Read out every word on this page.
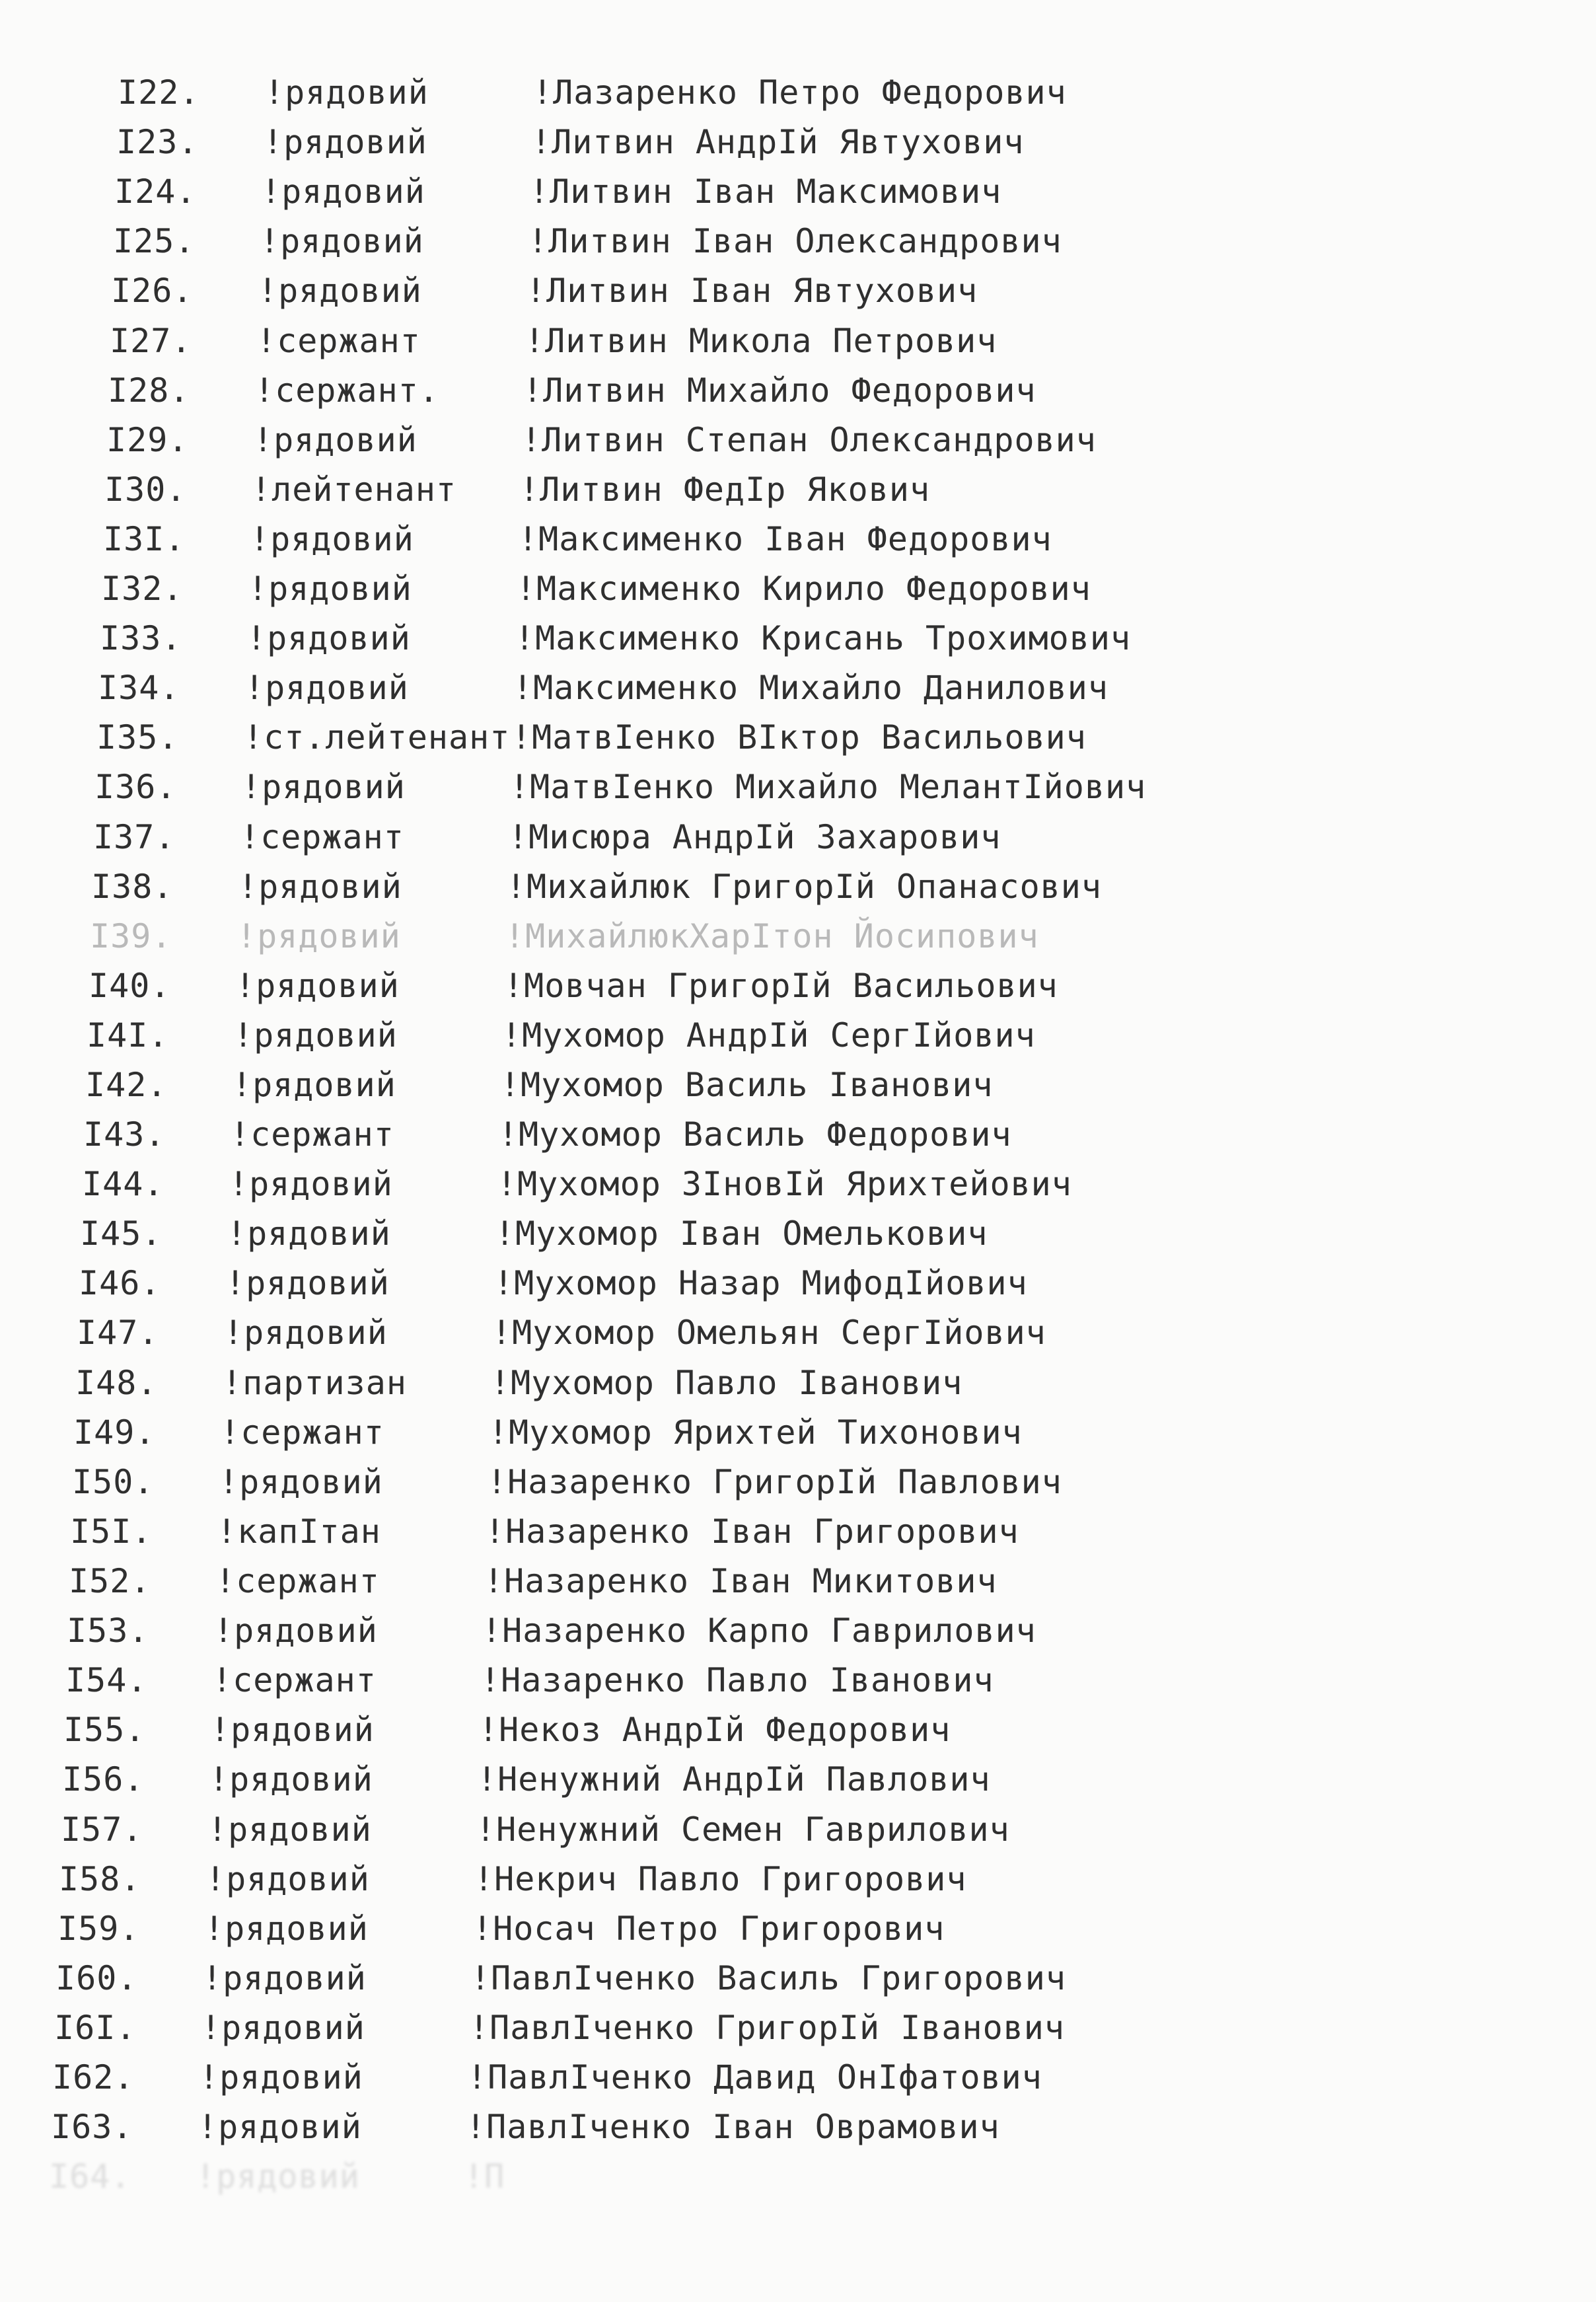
I22.	!рядовий	!Лазаренко Петро Федорович
I23.	!рядовий	!Литвин АндрІй Явтухович
I24.	!рядовий	!Литвин Іван Максимович
I25.	!рядовий	!Литвин Іван Олександрович
I26.	!рядовий	!Литвин Іван Явтухович
I27.	!сержант	!Литвин Микола Петрович
I28.	!сержант.	!Литвин Михайло Федорович
I29.	!рядовий	!Литвин Степан Олександрович
I30.	!лейтенант	!Литвин ФедІр Якович
I3I.	!рядовий	!Максименко Іван Федорович
I32.	!рядовий	!Максименко Кирило Федорович
I33.	!рядовий	!Максименко Крисань Трохимович
I34.	!рядовий	!Максименко Михайло Данилович
I35.	!ст.лейтенант !МатвІенко ВІктор Васильович
I36.	!рядовий	!МатвІенко Михайло МелантІйович
I37.	!сержант	!Мисюра АндрІй Захарович
I38.	!рядовий	!Михайлюк ГригорІй Опанасович
I39.	!рядовий	!МихайлюкХарІтон Йосипович
I40.	!рядовий	!Мовчан ГригорІй Васильович
I4I.	!рядовий	!Мухомор АндрІй СергІйович
I42.	!рядовий	!Мухомор Василь Іванович
I43.	!сержант	!Мухомор Василь Федорович
I44.	!рядовий	!Мухомор ЗІновІй Ярихтейович
I45.	!рядовий	!Мухомор Іван Омелькович
I46.	!рядовий	!Мухомор Назар МифодІйович
I47.	!рядовий	!Мухомор Омельян СергІйович
I48.	!партизан	!Мухомор Павло Іванович
I49.	!сержант	!Мухомор Ярихтей Тихонович
I50.	!рядовий	!Назаренко ГригорІй Павлович
I5I.	!капІтан	!Назаренко Іван Григорович
I52.	!сержант	!Назаренко Іван Микитович
I53.	!рядовий	!Назаренко Карпо Гаврилович
I54.	!сержант	!Назаренко Павло Іванович
I55.	!рядовий	!Некоз АндрІй Федорович
I56.	!рядовий	!Ненужний АндрІй Павлович
I57.	!рядовий	!Ненужний Семен Гаврилович
I58.	!рядовий	!Некрич Павло Григорович
I59.	!рядовий	!Носач Петро Григорович
I60.	!рядовий	!ПавлІченко Василь Григорович
I6I.	!рядовий	!ПавлІченко ГригорІй Іванович
I62.	!рядовий	!ПавлІченко Давид ОнІфатович
I63.	!рядовий	!ПавлІченко Іван Оврамович
I64.	!рядовий	!П
